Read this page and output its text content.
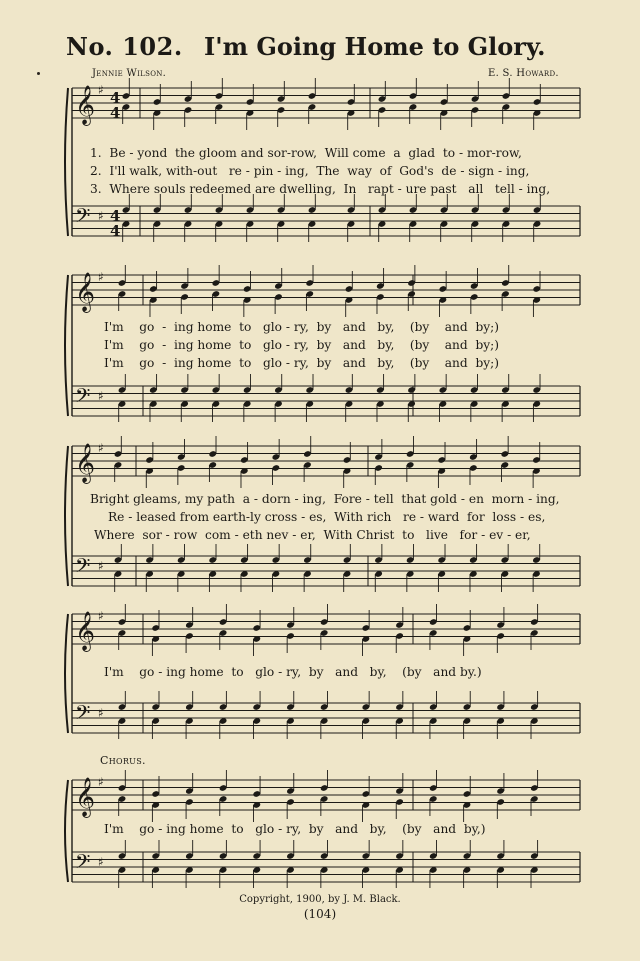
No. 102. I'm Going Home to Glory.
Jennie Wilson.	E. S. Howard.
𝄞 ♯ 4
4
𝄢 ♯ 4
4
𝄞 ♯
𝄢 ♯
𝄞 ♯
𝄢 ♯
𝄞 ♯
𝄢 ♯
𝄞 ♯
𝄢 ♯
Chorus.
1.  Be - yond  the gloom and sor-row,  Will come  a  glad  to - mor-row,
2.  I'll walk, with-out   re - pin - ing,  The  way  of  God's  de - sign - ing,
3.  Where souls redeemed are dwelling,  In   rapt - ure past   all   tell - ing,
I'm    go  -  ing home  to   glo - ry,  by   and   by,    (by    and  by;)
I'm    go  -  ing home  to   glo - ry,  by   and   by,    (by    and  by;)
I'm    go  -  ing home  to   glo - ry,  by   and   by,    (by    and  by;)
Bright gleams, my path  a - dorn - ing,  Fore - tell  that gold - en  morn - ing,
Re - leased from earth-ly cross - es,  With rich   re - ward  for  loss - es,
Where  sor - row  com - eth nev - er,  With Christ  to   live   for - ev - er,
I'm    go - ing home  to   glo - ry,  by   and   by,    (by   and by.)
I'm    go - ing home  to   glo - ry,  by   and   by,    (by   and  by,)
Copyright, 1900, by J. M. Black.
(104)
